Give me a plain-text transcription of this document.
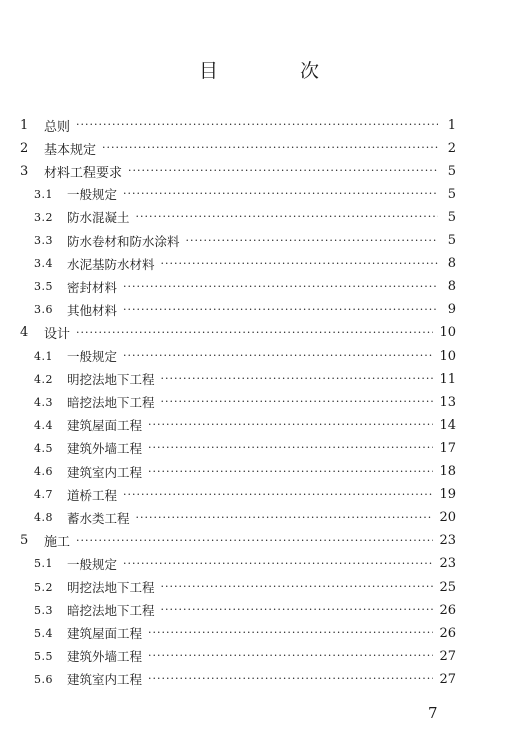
目 次
1	总则 ·····	1
2	基本规定 ·····	2
3	材料工程要求 ·····	5
3.1	一般规定 ·····	5
3.2	防水混凝土 ·····	5
3.3	防水卷材和防水涂料 ·····	5
3.4	水泥基防水材料 ·····	8
3.5	密封材料 ·····	8
3.6	其他材料 ·····	9
4	设计 ·····	10
4.1	一般规定 ·····	10
4.2	明挖法地下工程 ·····	11
4.3	暗挖法地下工程 ·····	13
4.4	建筑屋面工程 ·····	14
4.5	建筑外墙工程 ·····	17
4.6	建筑室内工程 ·····	18
4.7	道桥工程 ·····	19
4.8	蓄水类工程 ·····	20
5	施工 ·····	23
5.1	一般规定 ·····	23
5.2	明挖法地下工程 ·····	25
5.3	暗挖法地下工程 ·····	26
5.4	建筑屋面工程 ·····	26
5.5	建筑外墙工程 ·····	27
5.6	建筑室内工程 ·····	27
7
